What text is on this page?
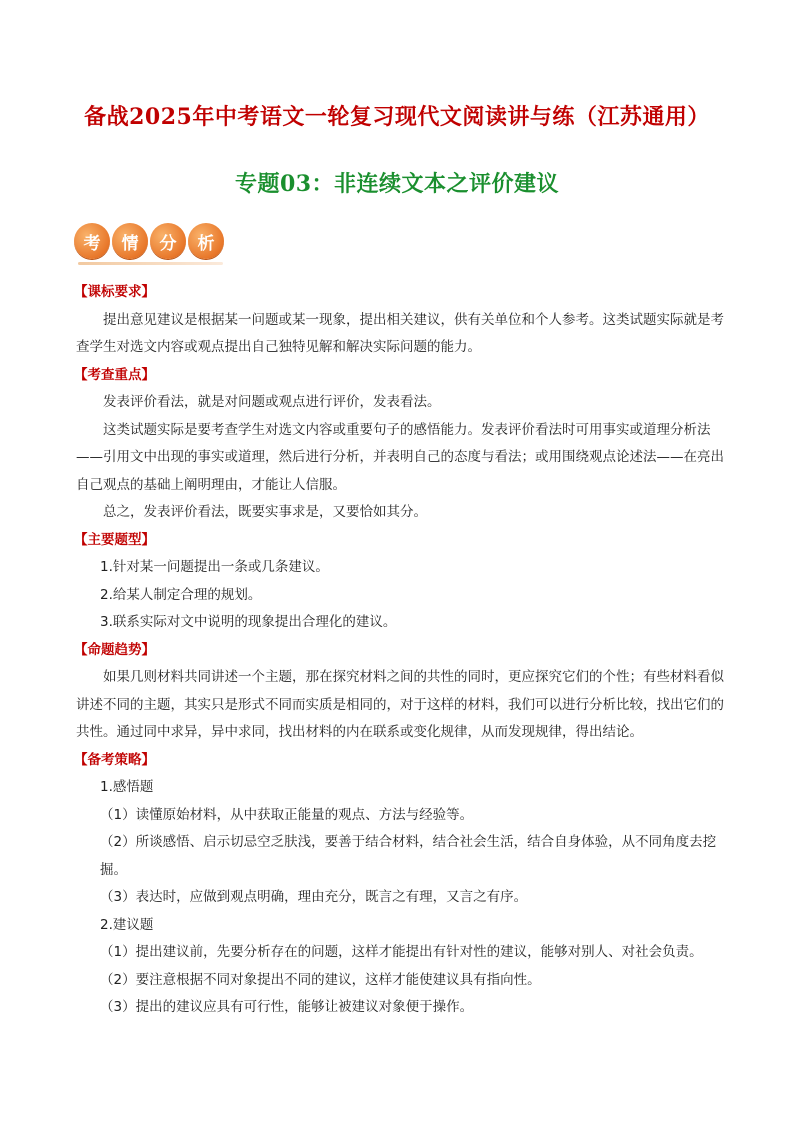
备战2025年中考语文一轮复习现代文阅读讲与练（江苏通用）
专题03：非连续文本之评价建议
考	情	分	析
【课标要求】

提出意见建议是根据某一问题或某一现象，提出相关建议，供有关单位和个人参考。这类试题实际就是考查学生对选文内容或观点提出自己独特见解和解决实际问题的能力。

【考查重点】

发表评价看法，就是对问题或观点进行评价，发表看法。

这类试题实际是要考查学生对选文内容或重要句子的感悟能力。发表评价看法时可用事实或道理分析法——引用文中出现的事实或道理，然后进行分析，并表明自己的态度与看法；或用围绕观点论述法——在亮出自己观点的基础上阐明理由，才能让人信服。

总之，发表评价看法，既要实事求是，又要恰如其分。

【主要题型】

1.针对某一问题提出一条或几条建议。

2.给某人制定合理的规划。

3.联系实际对文中说明的现象提出合理化的建议。

【命题趋势】

如果几则材料共同讲述一个主题，那在探究材料之间的共性的同时，更应探究它们的个性；有些材料看似讲述不同的主题，其实只是形式不同而实质是相同的，对于这样的材料，我们可以进行分析比较，找出它们的共性。通过同中求异，异中求同，找出材料的内在联系或变化规律，从而发现规律，得出结论。

【备考策略】

1.感悟题

（1）读懂原始材料，从中获取正能量的观点、方法与经验等。

（2）所谈感悟、启示切忌空乏肤浅，要善于结合材料，结合社会生活，结合自身体验，从不同角度去挖掘。

（3）表达时，应做到观点明确，理由充分，既言之有理，又言之有序。

2.建议题

（1）提出建议前，先要分析存在的问题，这样才能提出有针对性的建议，能够对别人、对社会负责。

（2）要注意根据不同对象提出不同的建议，这样才能使建议具有指向性。

（3）提出的建议应具有可行性，能够让被建议对象便于操作。
